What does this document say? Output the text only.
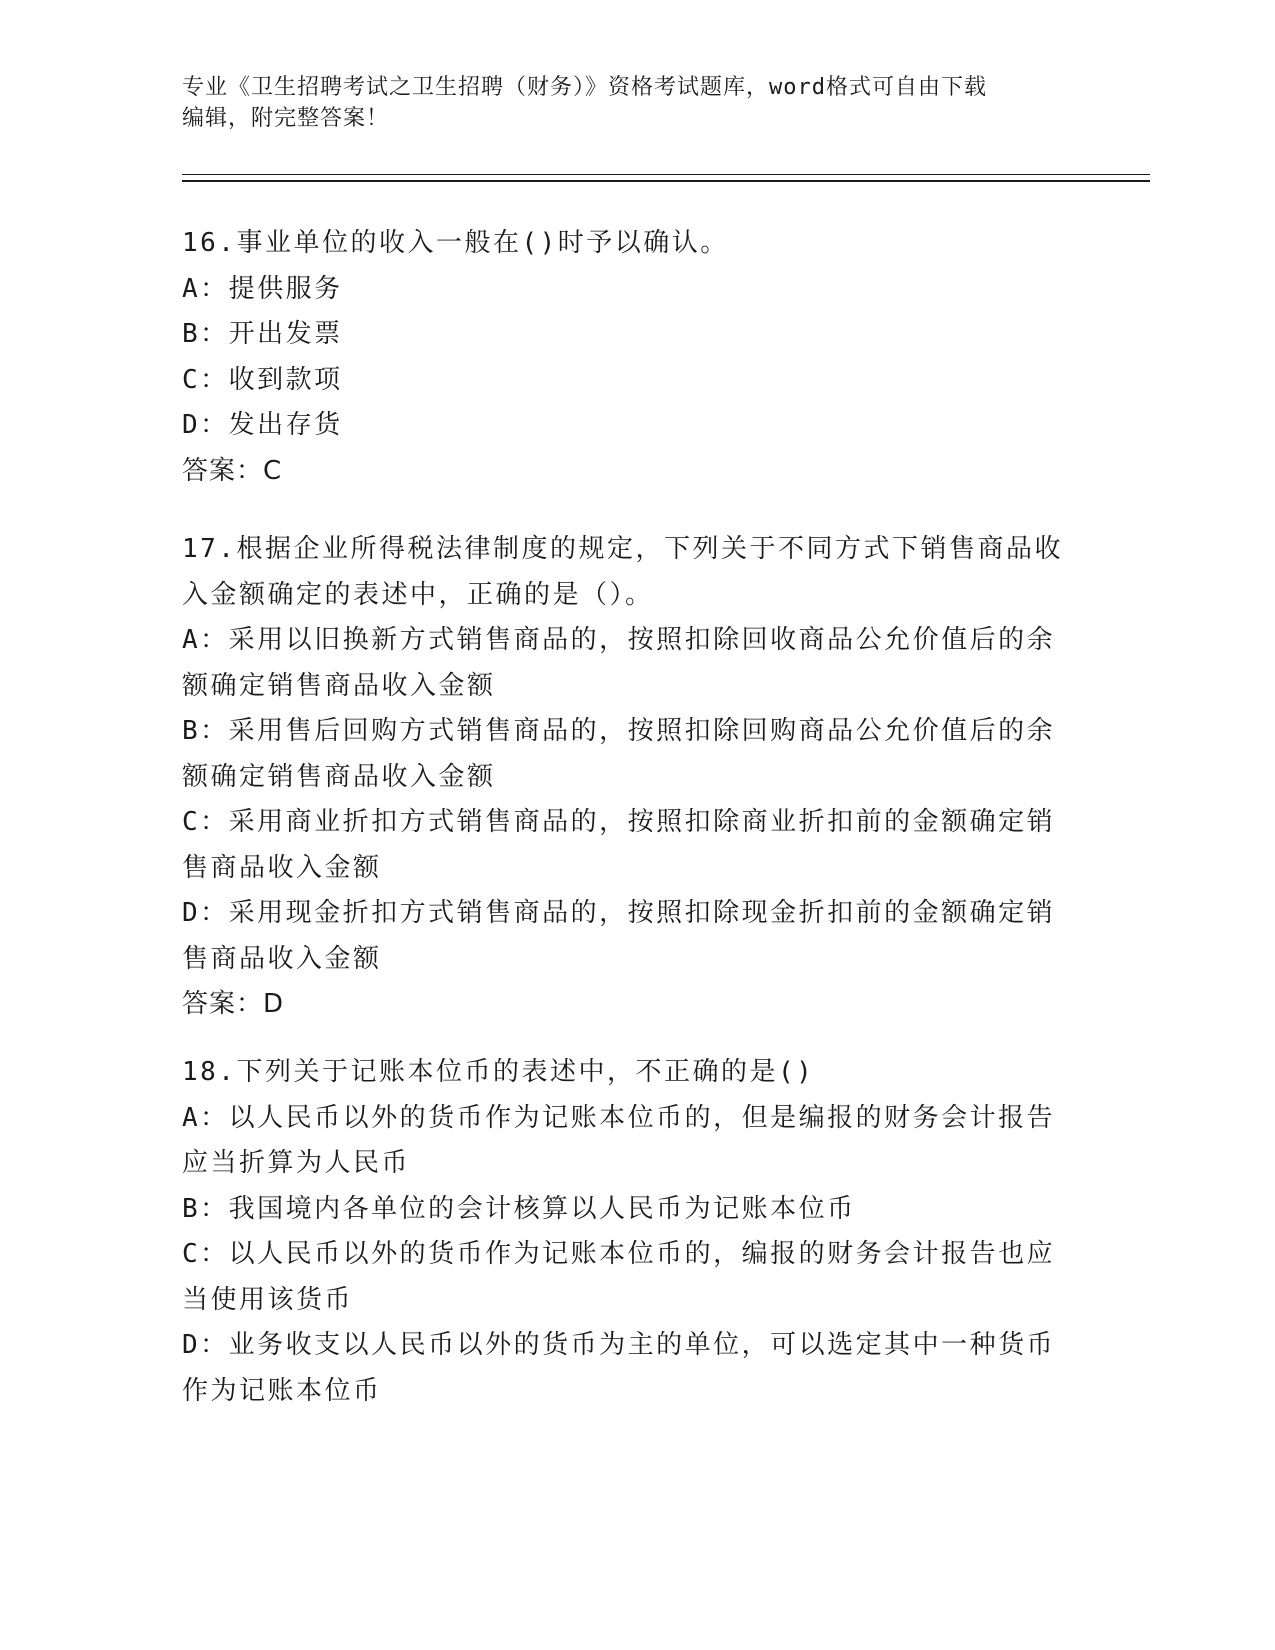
专业《卫生招聘考试之卫生招聘（财务）》资格考试题库，word格式可自由下载
编辑，附完整答案！
16.事业单位的收入一般在()时予以确认。
A：提供服务
B：开出发票
C：收到款项
D：发出存货
答案：C
17.根据企业所得税法律制度的规定，下列关于不同方式下销售商品收
入金额确定的表述中，正确的是（）。
A：采用以旧换新方式销售商品的，按照扣除回收商品公允价值后的余
额确定销售商品收入金额
B：采用售后回购方式销售商品的，按照扣除回购商品公允价值后的余
额确定销售商品收入金额
C：采用商业折扣方式销售商品的，按照扣除商业折扣前的金额确定销
售商品收入金额
D：采用现金折扣方式销售商品的，按照扣除现金折扣前的金额确定销
售商品收入金额
答案：D
18.下列关于记账本位币的表述中，不正确的是()
A：以人民币以外的货币作为记账本位币的，但是编报的财务会计报告
应当折算为人民币
B：我国境内各单位的会计核算以人民币为记账本位币
C：以人民币以外的货币作为记账本位币的，编报的财务会计报告也应
当使用该货币
D：业务收支以人民币以外的货币为主的单位，可以选定其中一种货币
作为记账本位币
